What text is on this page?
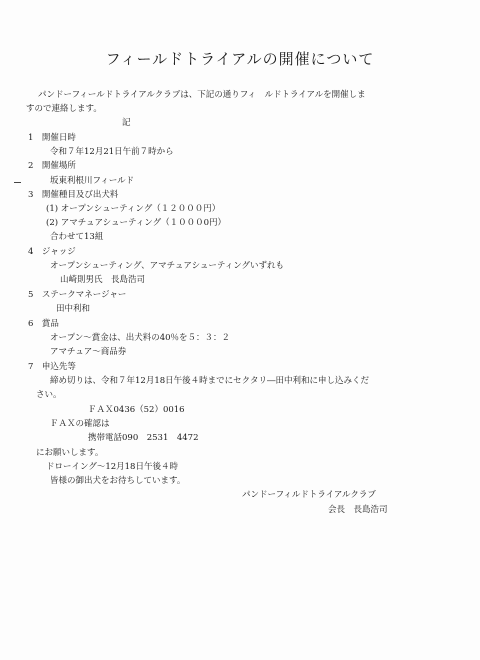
フィールドトライアルの開催について
パンドーフィールドトライアルクラブは、下記の通りフィ　ルドトライアルを開催しま
すので連絡します。
記
1　開催日時
令和７年12月21日午前７時から
2　開催場所
坂東利根川フィールド
3　開催種目及び出犬料
(1) オープンシューティング（１２０００円）
(2) アマチュアシューティング（１０００0円）
合わせて13組
4　ジャッジ
オープンシューティング、アマチュアシューティングいずれも
山崎則男氏　長島浩司
5　ステークマネージャー
田中利和
6　賞品
オープン～賞金は、出犬料の40％を５：３：２
アマチュア～商品券
7　申込先等
締め切りは、令和７年12月18日午後４時までにセクタリ―田中利和に申し込みくだ
さい。
ＦＡＸ0436（52）0016
ＦＡＸの確認は
携帯電話090　2531　4472
にお願いします。
ドローイング～12月18日午後４時
皆様の御出犬をお待ちしています。
パンドーフィルドトライアルクラブ
会長　長島浩司
